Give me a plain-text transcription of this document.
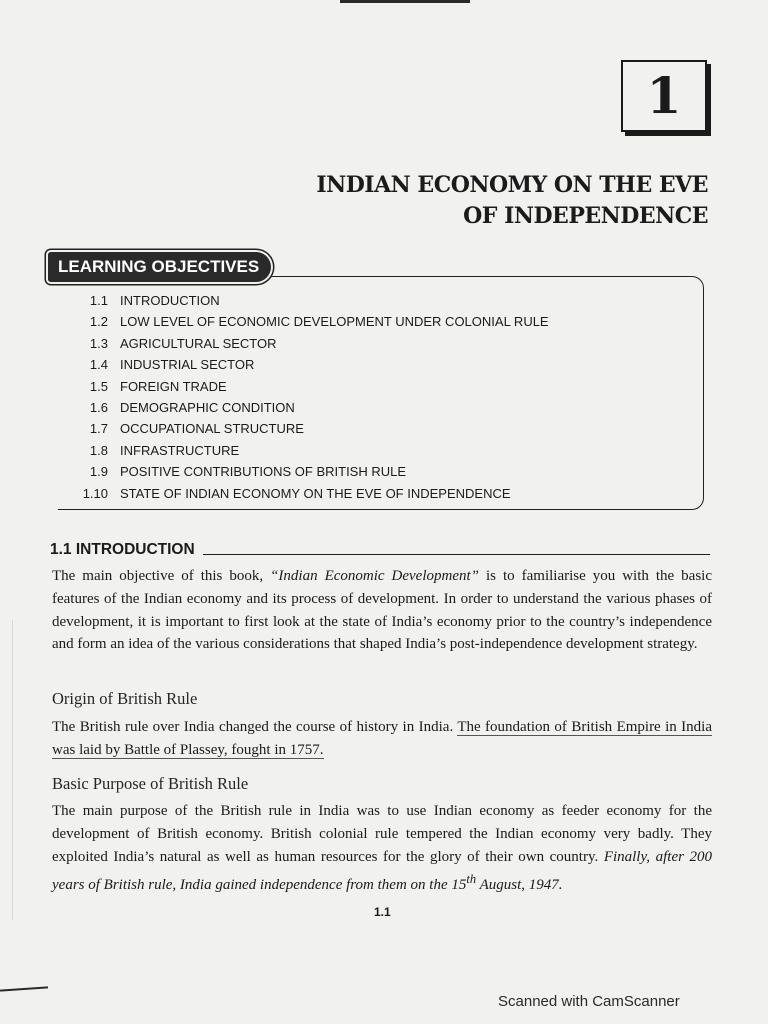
1
INDIAN ECONOMY ON THE EVE
OF INDEPENDENCE
LEARNING OBJECTIVES
1.1 INTRODUCTION
1.2 LOW LEVEL OF ECONOMIC DEVELOPMENT UNDER COLONIAL RULE
1.3 AGRICULTURAL SECTOR
1.4 INDUSTRIAL SECTOR
1.5 FOREIGN TRADE
1.6 DEMOGRAPHIC CONDITION
1.7 OCCUPATIONAL STRUCTURE
1.8 INFRASTRUCTURE
1.9 POSITIVE CONTRIBUTIONS OF BRITISH RULE
1.10 STATE OF INDIAN ECONOMY ON THE EVE OF INDEPENDENCE
1.1 INTRODUCTION

The main objective of this book, “Indian Economic Development” is to familiarise you with the basic features of the Indian economy and its process of development. In order to understand the various phases of development, it is important to first look at the state of India’s economy prior to the country’s independence and form an idea of the various considerations that shaped India’s post-independence development strategy.

Origin of British Rule

The British rule over India changed the course of history in India. The foundation of British Empire in India was laid by Battle of Plassey, fought in 1757.

Basic Purpose of British Rule

The main purpose of the British rule in India was to use Indian economy as feeder economy for the development of British economy. British colonial rule tempered the Indian economy very badly. They exploited India’s natural as well as human resources for the glory of their own country. Finally, after 200 years of British rule, India gained independence from them on the 15th August, 1947.

1.1
Scanned with CamScanner
